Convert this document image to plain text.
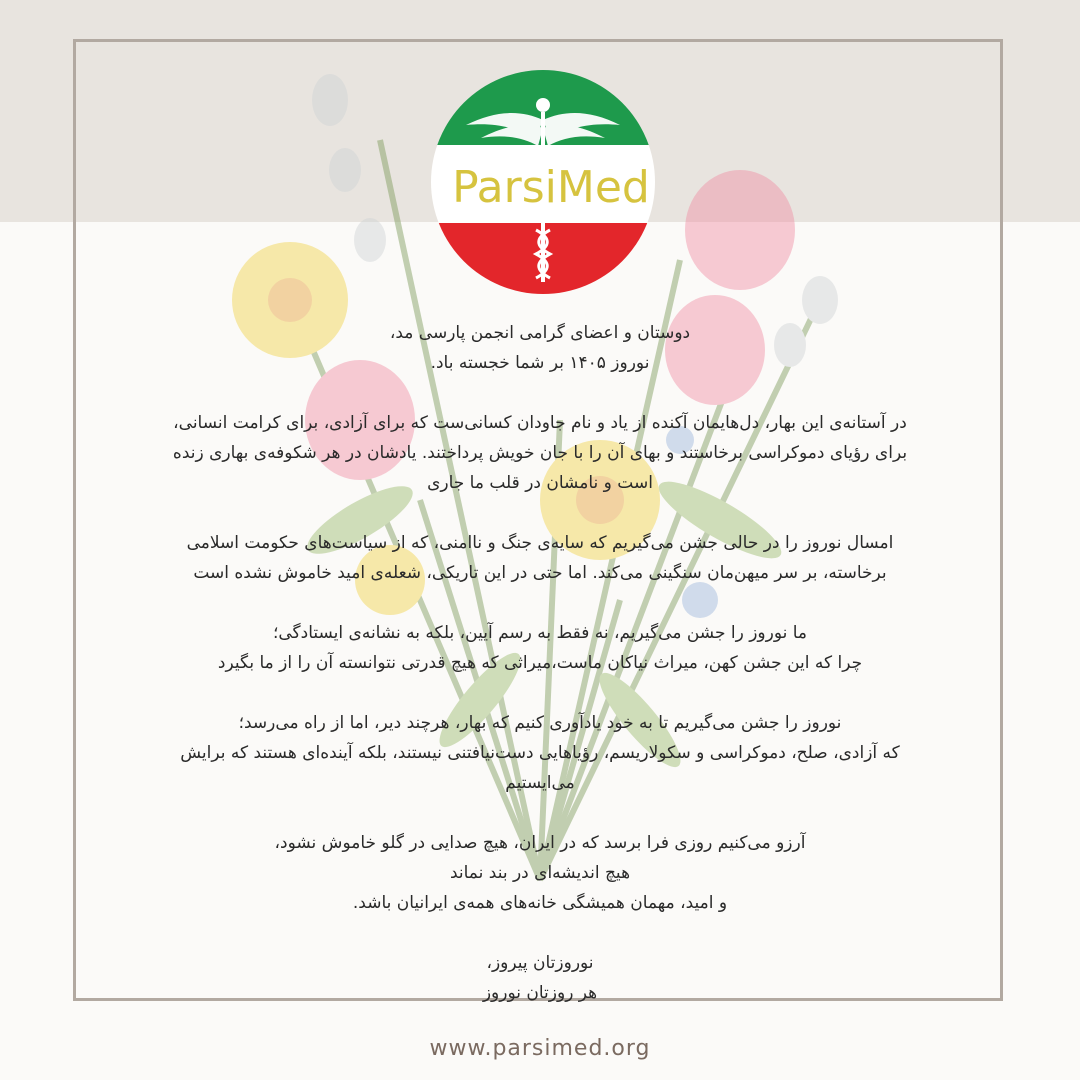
ParsiMed

دوستان و اعضای گرامی انجمن پارسی مد،

نوروز ۱۴۰۵ بر شما خجسته باد.

در آستانه‌ی این بهار، دل‌هایمان آکنده از یاد و نام جاودان کسانی‌ست که برای آزادی، برای کرامت انسانی،

برای رؤیای دموکراسی برخاستند و بهای آن را با جان خویش پرداختند. یادشان در هر شکوفه‌ی بهاری زنده

است و نامشان در قلب ما جاری

امسال نوروز را در حالی جشن می‌گیریم که سایه‌ی جنگ و ناامنی، که از سیاست‌های حکومت اسلامی

برخاسته، بر سر میهن‌مان سنگینی می‌کند. اما حتی در این تاریکی، شعله‌ی امید خاموش نشده است

ما نوروز را جشن می‌گیریم، نه فقط به رسم آیین، بلکه به نشانه‌ی ایستادگی؛

چرا که این جشن کهن، میراث نیاکان ماست،میراثی که هیچ قدرتی نتوانسته آن را از ما بگیرد

نوروز را جشن می‌گیریم تا به خود یادآوری کنیم که بهار، هرچند دیر، اما از راه می‌رسد؛

که آزادی، صلح، دموکراسی و سکولاریسم، رؤیاهایی دست‌نیافتنی نیستند، بلکه آینده‌ای هستند که برایش

می‌ایستیم

آرزو می‌کنیم روزی فرا برسد که در ایران، هیچ صدایی در گلو خاموش نشود،

هیچ اندیشه‌ای در بند نماند

و امید، مهمان همیشگی خانه‌های همه‌ی ایرانیان باشد.

نوروزتان پیروز،

هر روزتان نوروز

www.parsimed.org
